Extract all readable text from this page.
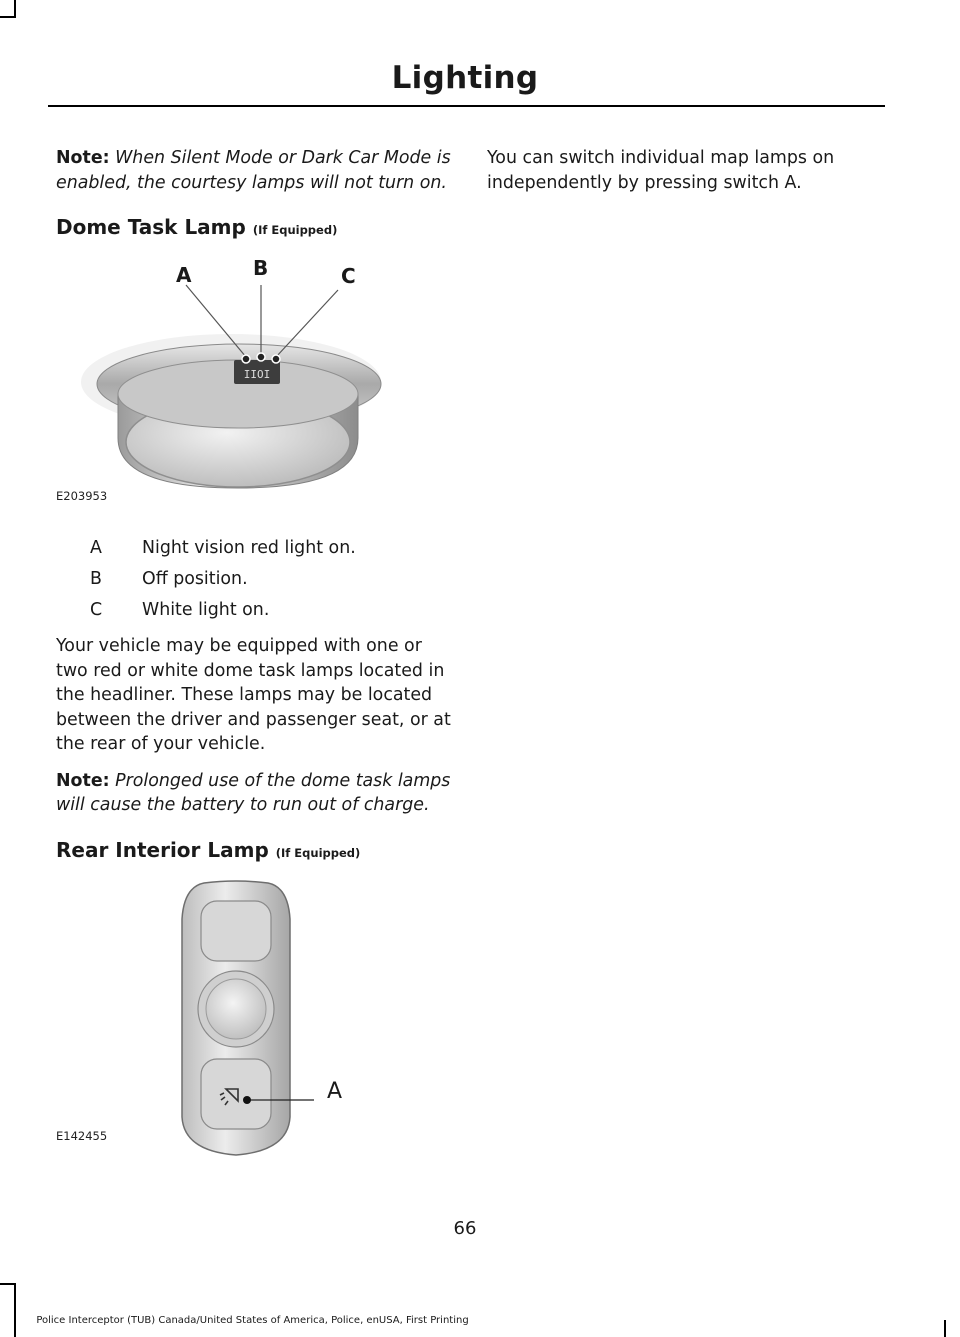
Lighting

Note: When Silent Mode or Dark Car Mode is enabled, the courtesy lamps will not turn on.

Dome Task Lamp (If Equipped)
IIOI
A	B	C
E203953
A	Night vision red light on.
B	Off position.
C	White light on.

Your vehicle may be equipped with one or two red or white dome task lamps located in the headliner. These lamps may be located between the driver and passenger seat, or at the rear of your vehicle.

Note: Prolonged use of the dome task lamps will cause the battery to run out of charge.

Rear Interior Lamp (If Equipped)
A
E142455

You can switch individual map lamps on independently by pressing switch A.

66
Police Interceptor (TUB) Canada/United States of America, Police, enUSA, First Printing
